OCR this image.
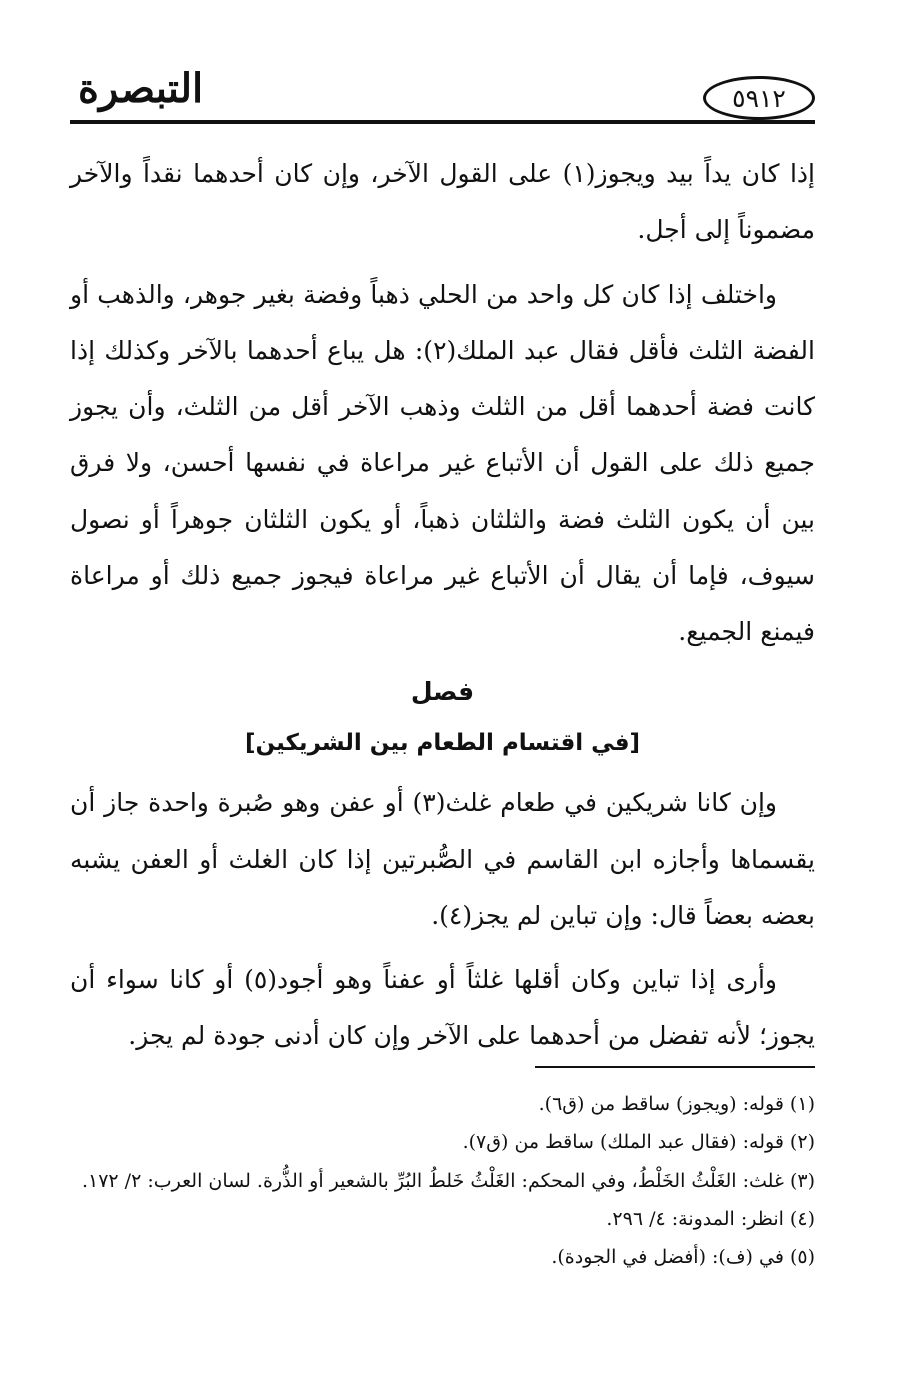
٥٩١٢
التبصرة

إذا كان يداً بيد ويجوز(١) على القول الآخر، وإن كان أحدهما نقداً والآخر مضموناً إلى أجل.

واختلف إذا كان كل واحد من الحلي ذهباً وفضة بغير جوهر، والذهب أو الفضة الثلث فأقل فقال عبد الملك(٢): هل يباع أحدهما بالآخر وكذلك إذا كانت فضة أحدهما أقل من الثلث وذهب الآخر أقل من الثلث، وأن يجوز جميع ذلك على القول أن الأتباع غير مراعاة في نفسها أحسن، ولا فرق بين أن يكون الثلث فضة والثلثان ذهباً، أو يكون الثلثان جوهراً أو نصول سيوف، فإما أن يقال أن الأتباع غير مراعاة فيجوز جميع ذلك أو مراعاة فيمنع الجميع.

فصل
[في اقتسام الطعام بين الشريكين]

وإن كانا شريكين في طعام غلث(٣) أو عفن وهو صُبرة واحدة جاز أن يقسماها وأجازه ابن القاسم في الصُّبرتين إذا كان الغلث أو العفن يشبه بعضه بعضاً قال: وإن تباين لم يجز(٤).

وأرى إذا تباين وكان أقلها غلثاً أو عفناً وهو أجود(٥) أو كانا سواء أن يجوز؛ لأنه تفضل من أحدهما على الآخر وإن كان أدنى جودة لم يجز.

(١) قوله: (ويجوز) ساقط من (ق٦).
(٢) قوله: (فقال عبد الملك) ساقط من (ق٧).
(٣) غلث: الغَلْثُ الخَلْطُ، وفي المحكم: الغَلْثُ خَلطُ البُرِّ بالشعير أو الذُّرة. لسان العرب: ٢/ ١٧٢.
(٤) انظر: المدونة: ٤/ ٢٩٦.
(٥) في (ف): (أفضل في الجودة).
